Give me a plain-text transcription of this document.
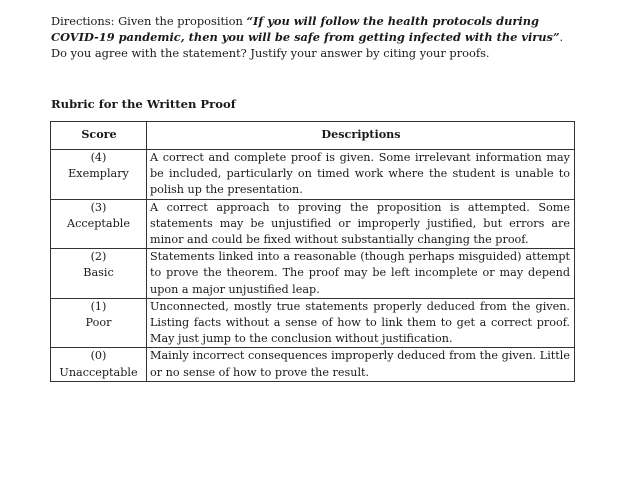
Directions: Given the proposition “If you will follow the health protocols during COVID-19 pandemic, then you will be safe from getting infected with the virus”. Do you agree with the statement? Justify your answer by citing your proofs.
Rubric for the Written Proof
Score	Descriptions

(4)
Exemplary	A correct and complete proof is given. Some irrelevant information may be included, particularly on timed work where the student is unable to polish up the presentation.

(3)
Acceptable	A correct approach to proving the proposition is attempted. Some statements may be unjustified or improperly justified, but errors are minor and could be fixed without substantially changing the proof.

(2)
Basic	Statements linked into a reasonable (though perhaps misguided) attempt to prove the theorem. The proof may be left incomplete or may depend upon a major unjustified leap.

(1)
Poor	Unconnected, mostly true statements properly deduced from the given. Listing facts without a sense of how to link them to get a correct proof. May just jump to the conclusion without justification.

(0)
Unacceptable	Mainly incorrect consequences improperly deduced from the given. Little or no sense of how to prove the result.
